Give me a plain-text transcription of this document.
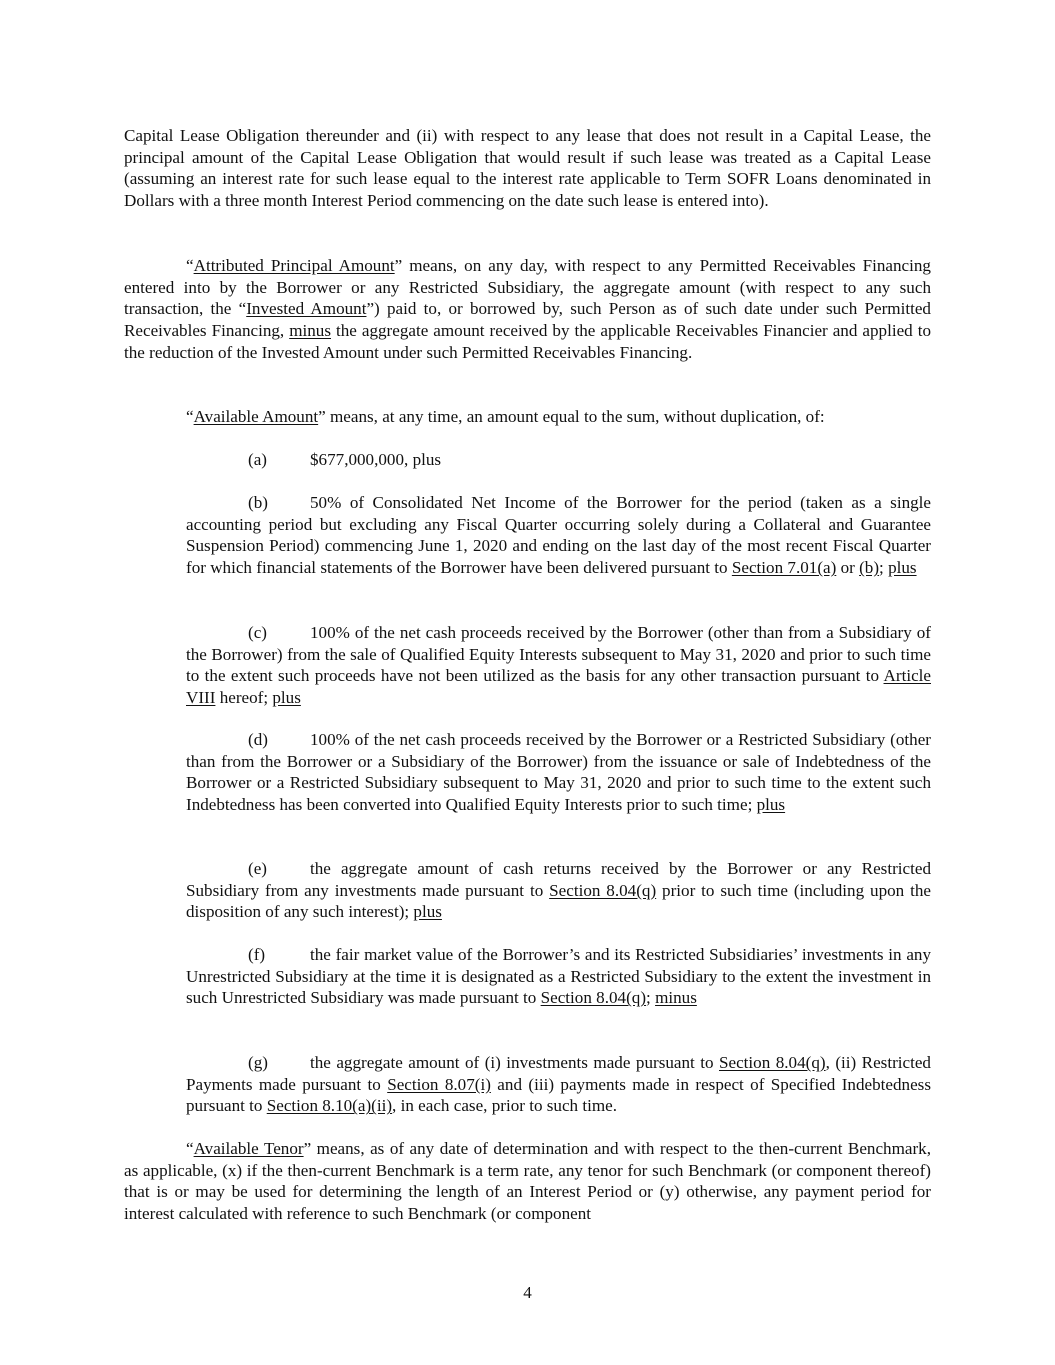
Capital Lease Obligation thereunder and (ii) with respect to any lease that does not result in a Capital Lease, the principal amount of the Capital Lease Obligation that would result if such lease was treated as a Capital Lease (assuming an interest rate for such lease equal to the interest rate applicable to Term SOFR Loans denominated in Dollars with a three month Interest Period commencing on the date such lease is entered into).

“Attributed Principal Amount” means, on any day, with respect to any Permitted Receivables Financing entered into by the Borrower or any Restricted Subsidiary, the aggregate amount (with respect to any such transaction, the “Invested Amount”) paid to, or borrowed by, such Person as of such date under such Permitted Receivables Financing, minus the aggregate amount received by the applicable Receivables Financier and applied to the reduction of the Invested Amount under such Permitted Receivables Financing.

“Available Amount” means, at any time, an amount equal to the sum, without duplication, of:

(a)	$677,000,000, plus

(b) 50% of Consolidated Net Income of the Borrower for the period (taken as a single accounting period but excluding any Fiscal Quarter occurring solely during a Collateral and Guarantee Suspension Period) commencing June 1, 2020 and ending on the last day of the most recent Fiscal Quarter for which financial statements of the Borrower have been delivered pursuant to Section 7.01(a) or (b); plus

(c)	100% of the net cash proceeds received by the Borrower (other than from a Subsidiary of the Borrower) from the sale of Qualified Equity Interests subsequent to May 31, 2020 and prior to such time to the extent such proceeds have not been utilized as the basis for any other transaction pursuant to Article VIII hereof; plus

(d) 100% of the net cash proceeds received by the Borrower or a Restricted Subsidiary (other than from the Borrower or a Subsidiary of the Borrower) from the issuance or sale of Indebtedness of the Borrower or a Restricted Subsidiary subsequent to May 31, 2020 and prior to such time to the extent such Indebtedness has been converted into Qualified Equity Interests prior to such time; plus

(e)	the aggregate amount of cash returns received by the Borrower or any Restricted Subsidiary from any investments made pursuant to Section 8.04(q) prior to such time (including upon the disposition of any such interest); plus

(f)	the fair market value of the Borrower’s and its Restricted Subsidiaries’ investments in any Unrestricted Subsidiary at the time it is designated as a Restricted Subsidiary to the extent the investment in such Unrestricted Subsidiary was made pursuant to Section 8.04(q); minus

(g) the aggregate amount of (i) investments made pursuant to Section 8.04(q), (ii) Restricted Payments made pursuant to Section 8.07(i) and (iii) payments made in respect of Specified Indebtedness pursuant to Section 8.10(a)(ii), in each case, prior to such time.

“Available Tenor” means, as of any date of determination and with respect to the then-current Benchmark, as applicable, (x) if the then-current Benchmark is a term rate, any tenor for such Benchmark (or component thereof) that is or may be used for determining the length of an Interest Period or (y) otherwise, any payment period for interest calculated with reference to such Benchmark (or component

4
